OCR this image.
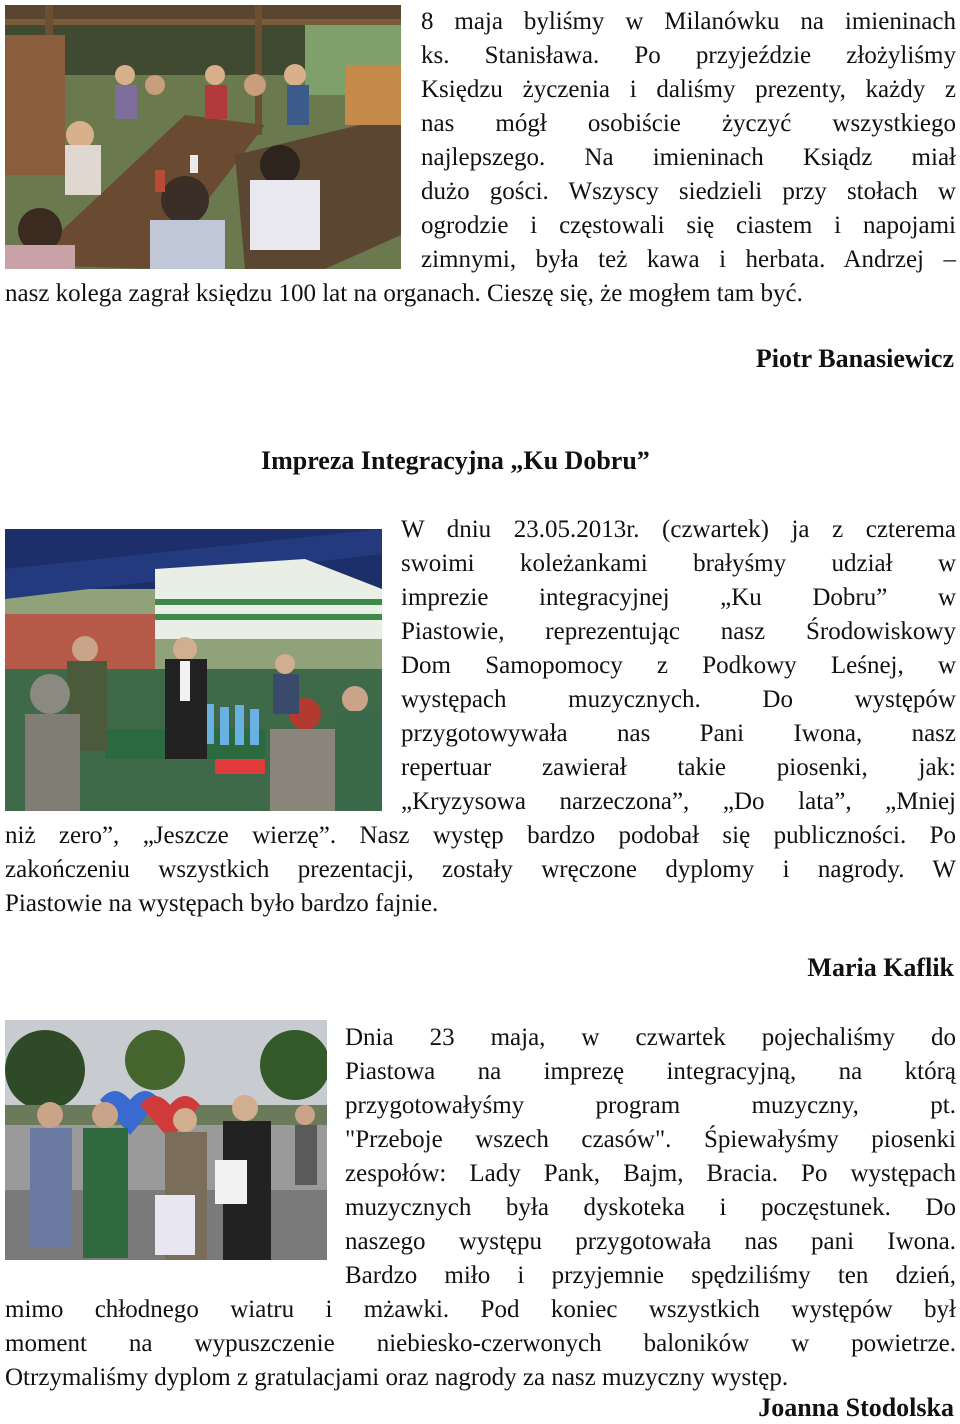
8 maja byliśmy w Milanówku na imieninach
ks. Stanisława. Po przyjeździe złożyliśmy
Księdzu życzenia i daliśmy prezenty, każdy z
nas mógł osobiście życzyć wszystkiego
najlepszego. Na imieninach Ksiądz miał
dużo gości. Wszyscy siedzieli przy stołach w
ogrodzie i częstowali się ciastem i napojami
zimnymi, była też kawa i herbata. Andrzej –
nasz kolega zagrał księdzu 100 lat na organach. Cieszę się, że mogłem tam być.
Piotr Banasiewicz
Impreza Integracyjna „Ku Dobru”
W dniu 23.05.2013r. (czwartek) ja z czterema
swoimi koleżankami brałyśmy udział w
imprezie integracyjnej „Ku Dobru” w
Piastowie, reprezentując nasz Środowiskowy
Dom Samopomocy z Podkowy Leśnej, w
występach muzycznych. Do występów
przygotowywała nas Pani Iwona, nasz
repertuar zawierał takie piosenki, jak:
„Kryzysowa narzeczona”, „Do lata”, „Mniej
niż zero”, „Jeszcze wierzę”. Nasz występ bardzo podobał się publiczności. Po
zakończeniu wszystkich prezentacji, zostały wręczone dyplomy i nagrody. W
Piastowie na występach było bardzo fajnie.
Maria Kaflik
Dnia 23 maja, w czwartek pojechaliśmy do
Piastowa na imprezę integracyjną, na którą
przygotowałyśmy program muzyczny, pt.
"Przeboje wszech czasów". Śpiewałyśmy piosenki
zespołów: Lady Pank, Bajm, Bracia. Po występach
muzycznych była dyskoteka i poczęstunek. Do
naszego występu przygotowała nas pani Iwona.
Bardzo miło i przyjemnie spędziliśmy ten dzień,
mimo chłodnego wiatru i mżawki. Pod koniec wszystkich występów był
moment na wypuszczenie niebiesko-czerwonych baloników w powietrze.
Otrzymaliśmy dyplom z gratulacjami oraz nagrody za nasz muzyczny występ.
Joanna Stodolska
